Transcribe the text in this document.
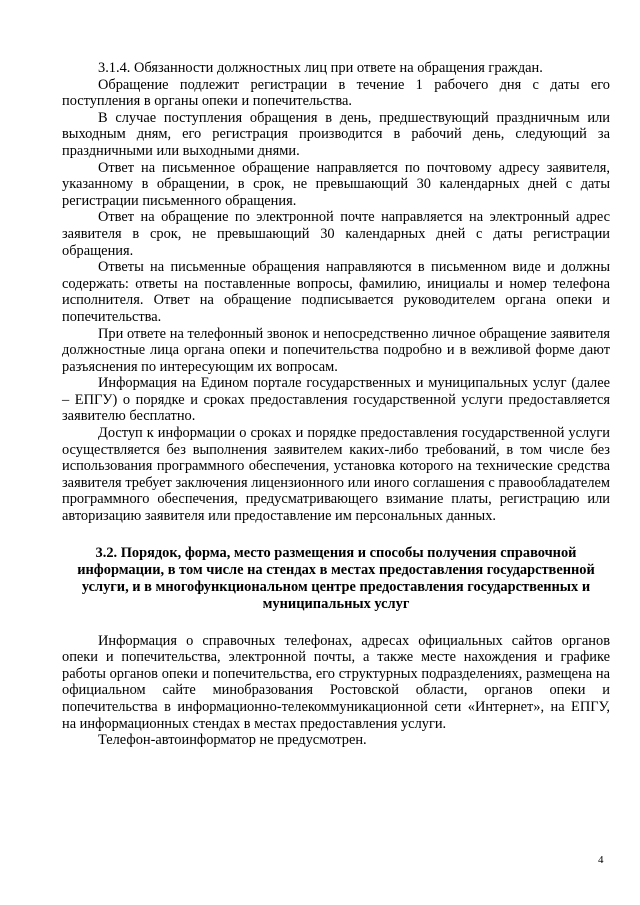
3.1.4. Обязанности должностных лиц при ответе на обращения граждан.

Обращение подлежит регистрации в течение 1 рабочего дня с даты его поступления в органы опеки и попечительства.

В случае поступления обращения в день, предшествующий праздничным или выходным дням, его регистрация производится в рабочий день, следующий за праздничными или выходными днями.

Ответ на письменное обращение направляется по почтовому адресу заявителя, указанному в обращении, в срок, не превышающий 30 календарных дней с даты регистрации письменного обращения.

Ответ на обращение по электронной почте направляется на электронный адрес заявителя в срок, не превышающий 30 календарных дней с даты регистрации обращения.

Ответы на письменные обращения направляются в письменном виде и должны содержать: ответы на поставленные вопросы, фамилию, инициалы и номер телефона исполнителя. Ответ на обращение подписывается руководителем органа опеки и попечительства.

При ответе на телефонный звонок и непосредственно личное обращение заявителя должностные лица органа опеки и попечительства подробно и в вежливой форме дают разъяснения по интересующим их вопросам.

Информация на Едином портале государственных и муниципальных услуг (далее – ЕПГУ) о порядке и сроках предоставления государственной услуги предоставляется заявителю бесплатно.

Доступ к информации о сроках и порядке предоставления государственной услуги осуществляется без выполнения заявителем каких-либо требований, в том числе без использования программного обеспечения, установка которого на технические средства заявителя требует заключения лицензионного или иного соглашения с правообладателем программного обеспечения, предусматривающего взимание платы, регистрацию или авторизацию заявителя или предоставление им персональных данных.

3.2. Порядок, форма, место размещения и способы получения справочной информации, в том числе на стендах в местах предоставления государственной услуги, и в многофункциональном центре предоставления государственных и муниципальных услуг

Информация о справочных телефонах, адресах официальных сайтов органов опеки и попечительства, электронной почты, а также месте нахождения и графике работы органов опеки и попечительства, его структурных подразделениях, размещена на официальном сайте минобразования Ростовской области, органов опеки и попечительства в информационно-телекоммуникационной сети «Интернет», на ЕПГУ, на информационных стендах в местах предоставления услуги.

Телефон-автоинформатор не предусмотрен.

4
